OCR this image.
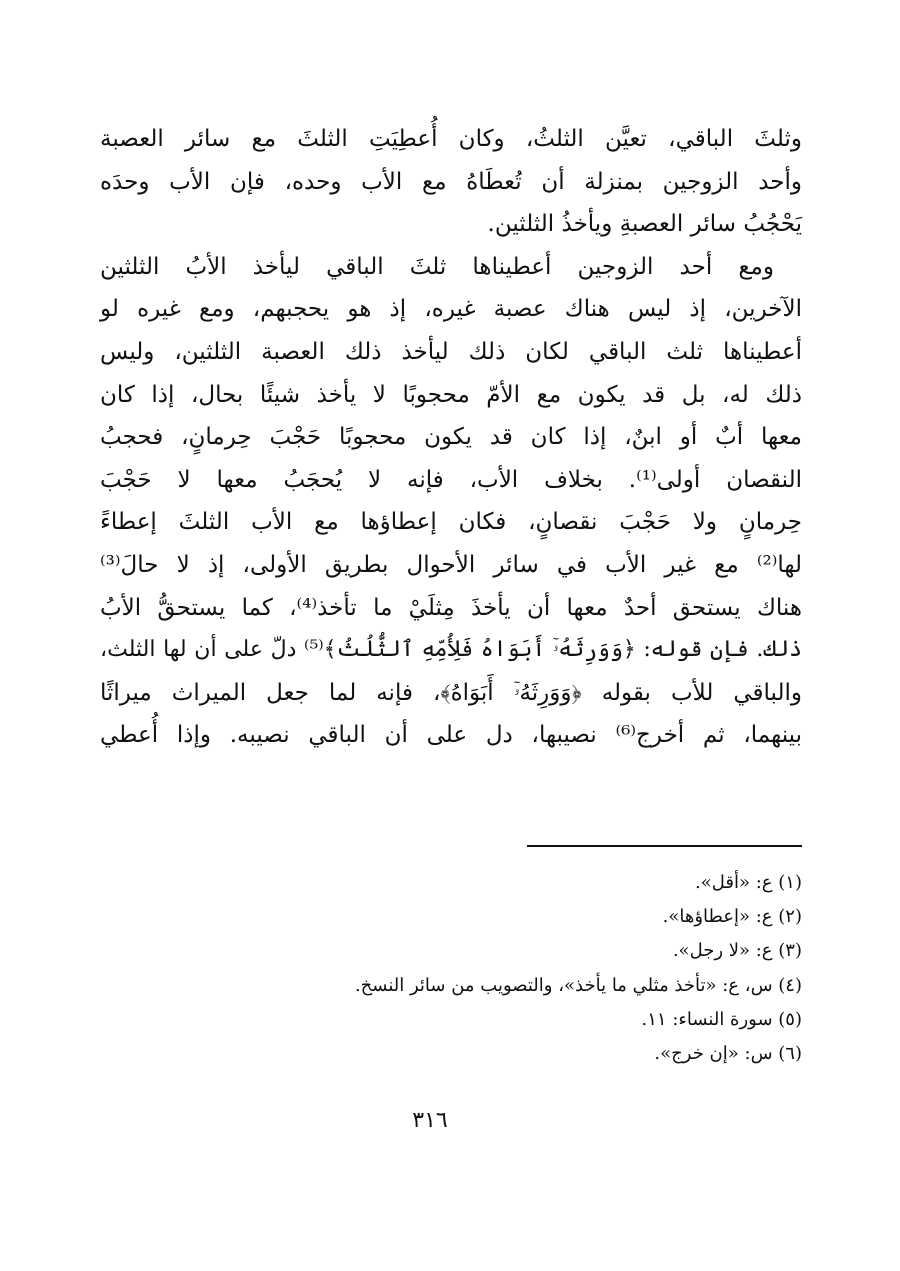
وثلثَ الباقي، تعيَّن الثلثُ، وكان أُعطِيَتِ الثلثَ مع سائر العصبة
وأحد الزوجين بمنزلة أن تُعطَاهُ مع الأب وحده، فإن الأب وحدَه
يَحْجُبُ سائر العصبةِ ويأخذُ الثلثين.
ومع أحد الزوجين أعطيناها ثلثَ الباقي ليأخذ الأبُ الثلثين
الآخرين، إذ ليس هناك عصبة غيره، إذ هو يحجبهم، ومع غيره لو
أعطيناها ثلث الباقي لكان ذلك ليأخذ ذلك العصبة الثلثين، وليس
ذلك له، بل قد يكون مع الأمّ محجوبًا لا يأخذ شيئًا بحال، إذا كان
معها أبٌ أو ابنٌ، إذا كان قد يكون محجوبًا حَجْبَ حِرمانٍ، فحجبُ
النقصان أولى⁽¹⁾. بخلاف الأب، فإنه لا يُحجَبُ معها لا حَجْبَ
حِرمانٍ ولا حَجْبَ نقصانٍ، فكان إعطاؤها مع الأب الثلثَ إعطاءً
لها⁽²⁾ مع غير الأب في سائر الأحوال بطريق الأولى، إذ لا حالَ⁽³⁾
هناك يستحق أحدٌ معها أن يأخذَ مِثلَيْ ما تأخذ⁽⁴⁾، كما يستحقُّ الأبُ
ذلك. فإن قوله: ﴿وَوَرِثَهُۥٓ أَبَوَاهُ فَلِأُمِّهِ ٱلثُّلُثُ﴾⁽⁵⁾ دلّ على أن لها الثلث،
والباقي للأب بقوله ﴿وَوَرِثَهُۥٓ أَبَوَاهُ﴾، فإنه لما جعل الميراث ميراثًا
بينهما، ثم أخرج⁽⁶⁾ نصيبها، دل على أن الباقي نصيبه. وإذا أُعطي
(١) ع: «أقل».
(٢) ع: «إعطاؤها».
(٣) ع: «لا رجل».
(٤) س، ع: «تأخذ مثلي ما يأخذ»، والتصويب من سائر النسخ.
(٥) سورة النساء: ١١.
(٦) س: «إن خرج».
٣١٦
